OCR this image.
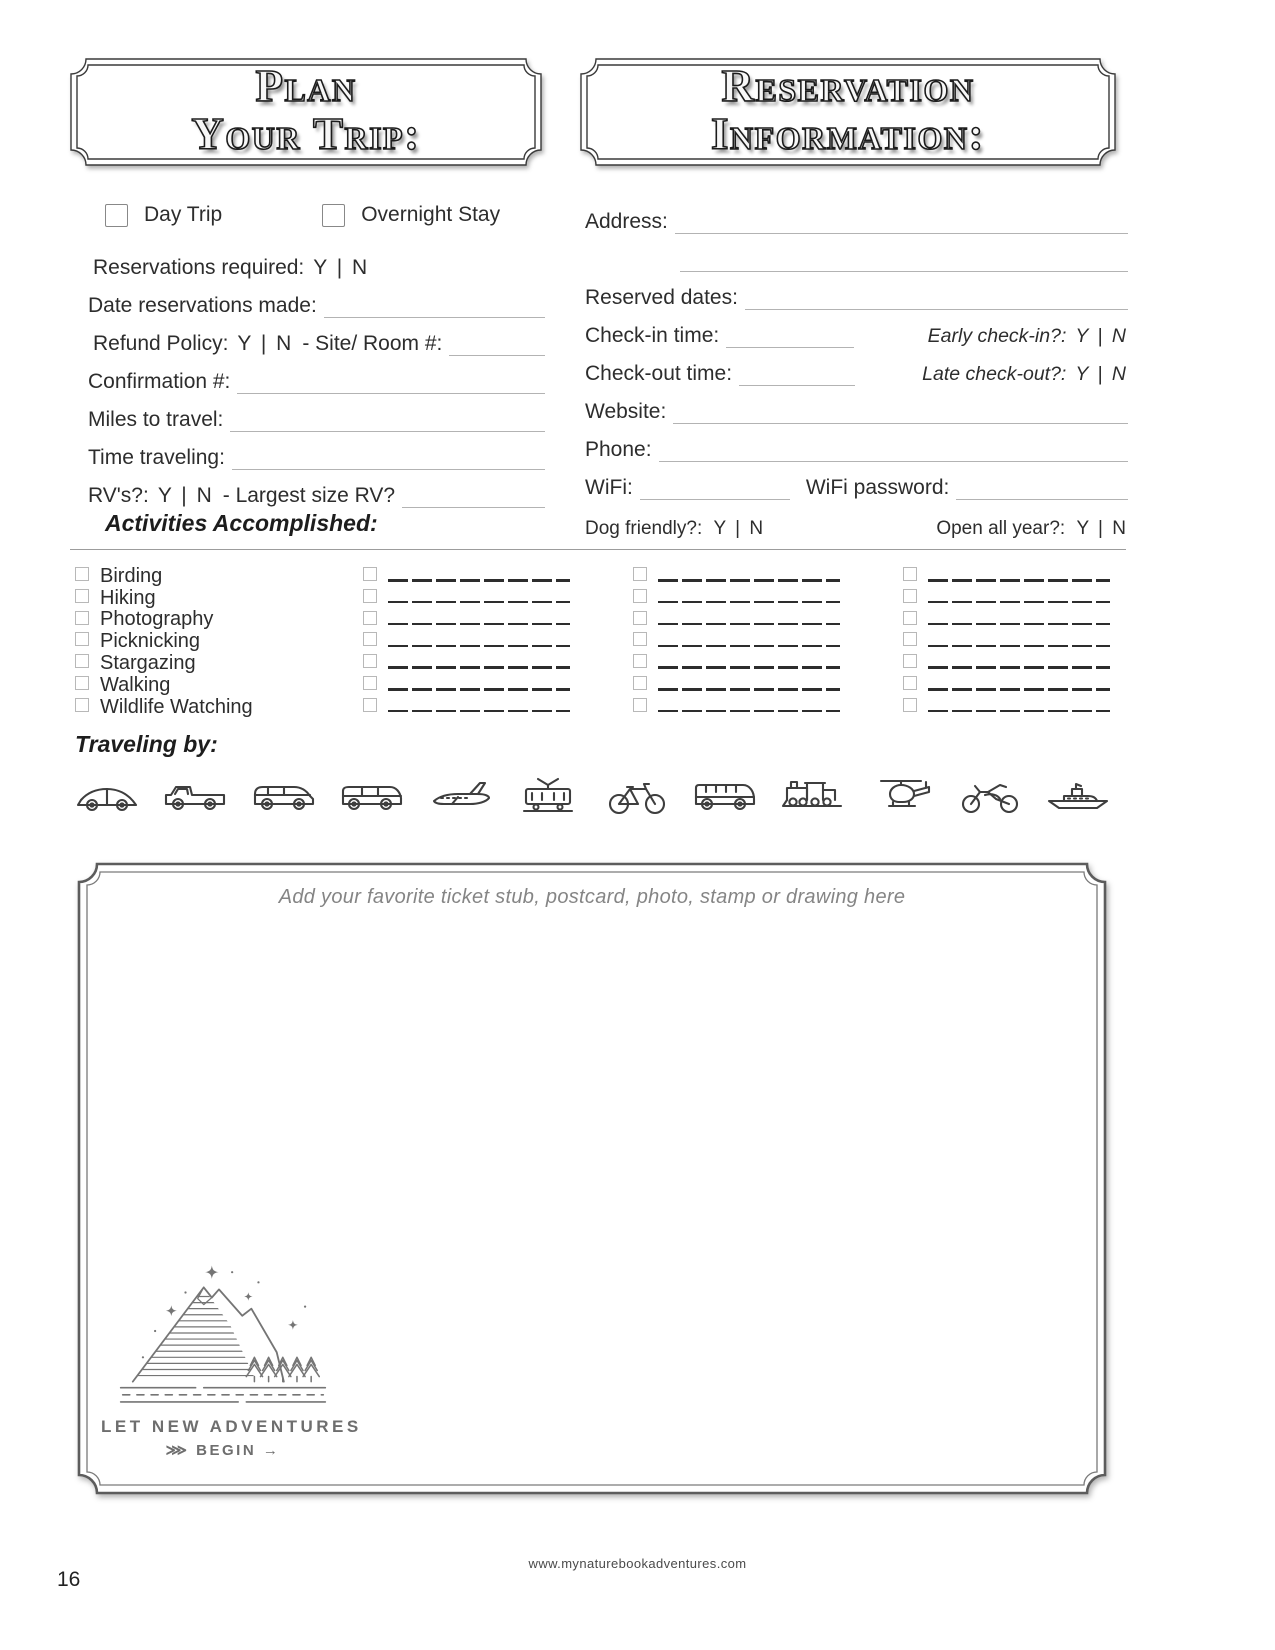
Plan
Your Trip:
Reservation
Information:
Day Trip	Overnight Stay
Reservations required: Y | N
Date reservations made:
Refund Policy: Y | N - Site/ Room #:
Confirmation #:
Miles to travel:
Time traveling:
RV's?: Y | N - Largest size RV?
Address:
Reserved dates:
Check-in time:	Early check-in?: Y | N
Check-out time:	Late check-out?: Y | N
Website:
Phone:
WiFi:	WiFi password:
Dog friendly?: Y | N	Open all year?: Y | N
Activities Accomplished:
Birding
Hiking
Photography
Picknicking
Stargazing
Walking
Wildlife Watching
Traveling by:
Add your favorite ticket stub, postcard, photo, stamp or drawing here
LET NEW ADVENTURES
⋙ BEGIN →
www.mynaturebookadventures.com
16
